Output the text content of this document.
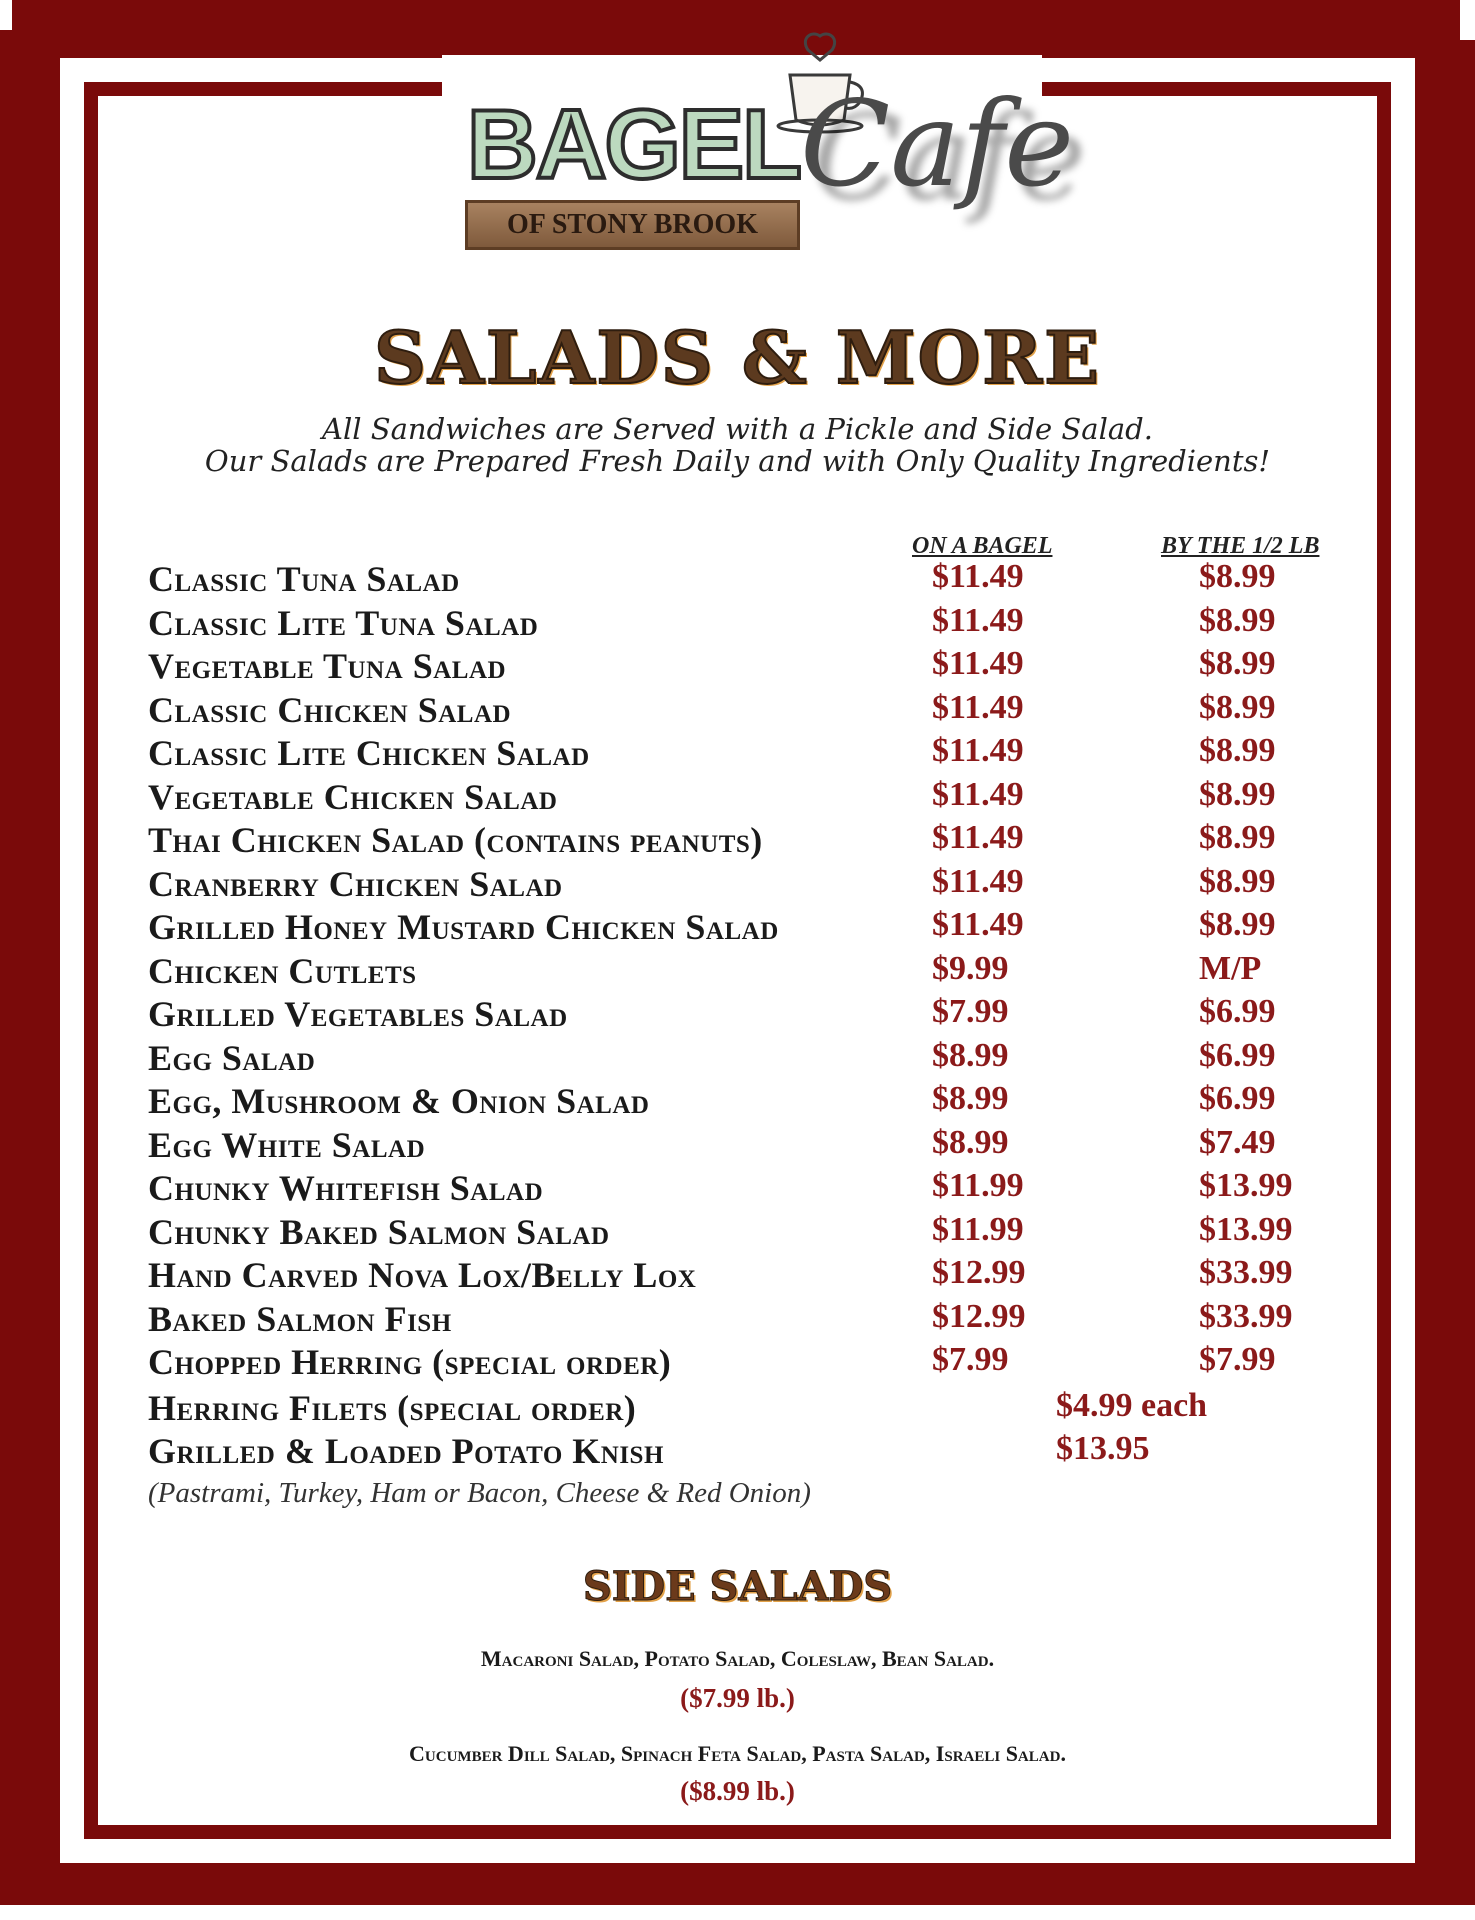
BAGEL
OF STONY BROOK
Cafe
SALADS & MORE
All Sandwiches are Served with a Pickle and Side Salad.
Our Salads are Prepared Fresh Daily and with Only Quality Ingredients!
ON A BAGEL	BY THE 1/2 LB
Classic Tuna Salad	$11.49	$8.99
Classic Lite Tuna Salad	$11.49	$8.99
Vegetable Tuna Salad	$11.49	$8.99
Classic Chicken Salad	$11.49	$8.99
Classic Lite Chicken Salad	$11.49	$8.99
Vegetable Chicken Salad	$11.49	$8.99
Thai Chicken Salad (contains peanuts)	$11.49	$8.99
Cranberry Chicken Salad	$11.49	$8.99
Grilled Honey Mustard Chicken Salad	$11.49	$8.99
Chicken Cutlets	$9.99	M/P
Grilled Vegetables Salad	$7.99	$6.99
Egg Salad	$8.99	$6.99
Egg, Mushroom & Onion Salad	$8.99	$6.99
Egg White Salad	$8.99	$7.49
Chunky Whitefish Salad	$11.99	$13.99
Chunky Baked Salmon Salad	$11.99	$13.99
Hand Carved Nova Lox/Belly Lox	$12.99	$33.99
Baked Salmon Fish	$12.99	$33.99
Chopped Herring (special order)	$7.99	$7.99
Herring Filets (special order)	$4.99 each
Grilled & Loaded Potato Knish	$13.95
(Pastrami, Turkey, Ham or Bacon, Cheese & Red Onion)
SIDE SALADS
Macaroni Salad, Potato Salad, Coleslaw, Bean Salad.
($7.99 lb.)
Cucumber Dill Salad, Spinach Feta Salad, Pasta Salad, Israeli Salad.
($8.99 lb.)
